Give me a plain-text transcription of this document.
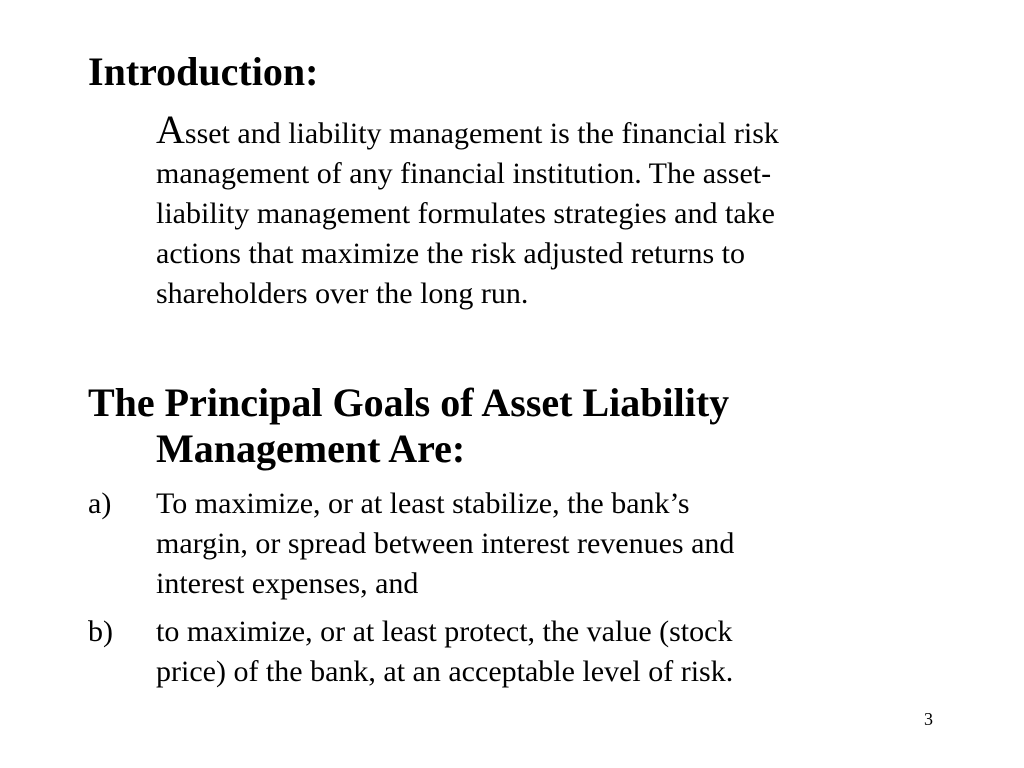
Introduction:

Asset and liability management is the financial risk
management of any financial institution. The asset-
liability management formulates strategies and take
actions that maximize the risk adjusted returns to
shareholders over the long run.

The Principal Goals of Asset Liability
Management Are:
a) To maximize, or at least stabilize, the bank’s
margin, or spread between interest revenues and
interest expenses, and
b) to maximize, or at least protect, the value (stock
price) of the bank, at an acceptable level of risk.
3
